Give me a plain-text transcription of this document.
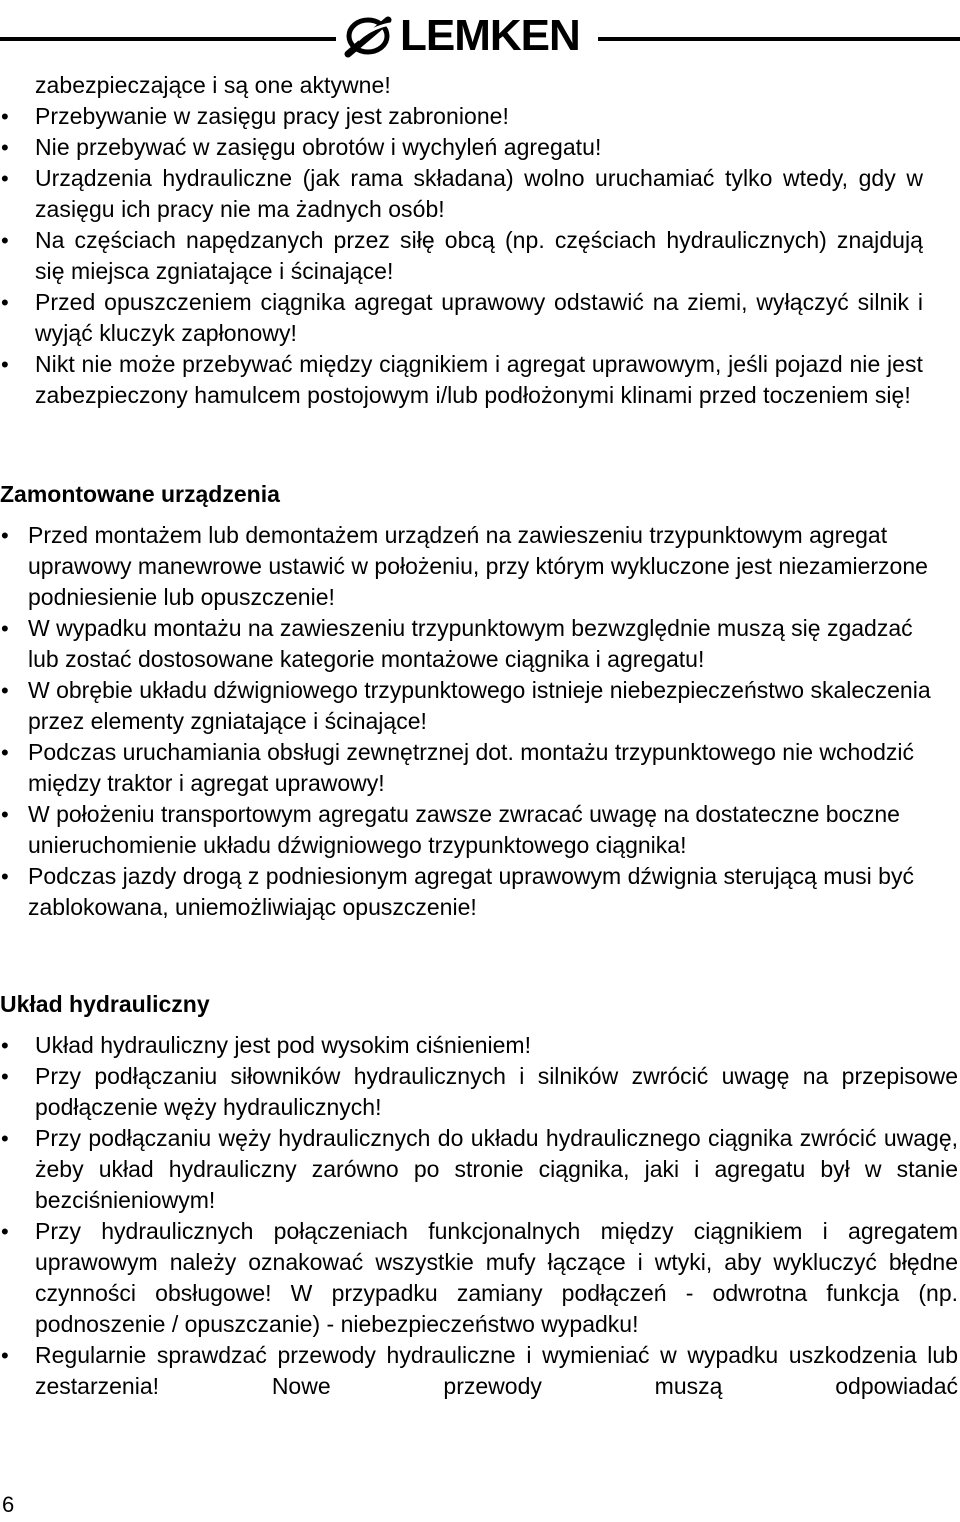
LEMKEN
zabezpieczające i są one aktywne!
•	Przebywanie w zasięgu pracy jest zabronione!
•	Nie przebywać w zasięgu obrotów i wychyleń agregatu!
•	Urządzenia hydrauliczne (jak rama składana) wolno uruchamiać tylko wtedy, gdy w zasięgu ich pracy nie ma żadnych osób!
•	Na częściach napędzanych przez siłę obcą (np. częściach hydraulicznych) znajdują się miejsca zgniatające i ścinające!
•	Przed opuszczeniem ciągnika agregat uprawowy odstawić na ziemi, wyłączyć silnik i wyjąć kluczyk zapłonowy!
•	Nikt nie może przebywać między ciągnikiem i agregat uprawowym, jeśli pojazd nie jest zabezpieczony hamulcem postojowym i/lub podłożonymi klinami przed toczeniem się!
Zamontowane urządzenia
• Przed montażem lub demontażem urządzeń na zawieszeniu trzypunktowym agregat uprawowy manewrowe ustawić w położeniu, przy którym wykluczone jest niezamierzone podniesienie lub opuszczenie!
• W wypadku montażu na zawieszeniu trzypunktowym bezwzględnie muszą się zgadzać lub zostać dostosowane kategorie montażowe ciągnika i agregatu!
• W obrębie układu dźwigniowego trzypunktowego istnieje niebezpieczeństwo skaleczenia przez elementy zgniatające i ścinające!
• Podczas uruchamiania obsługi zewnętrznej dot. montażu trzypunktowego nie wchodzić między traktor i agregat uprawowy!
• W położeniu transportowym agregatu zawsze zwracać uwagę na dostateczne boczne unieruchomienie układu dźwigniowego trzypunktowego ciągnika!
• Podczas jazdy drogą z podniesionym agregat uprawowym dźwignia sterującą musi być zablokowana, uniemożliwiając opuszczenie!
Układ hydrauliczny
•	Układ hydrauliczny jest pod wysokim ciśnieniem!
•	Przy podłączaniu siłowników hydraulicznych i silników zwrócić uwagę na przepisowe podłączenie węży hydraulicznych!
•	Przy podłączaniu węży hydraulicznych do układu hydraulicznego ciągnika zwrócić uwagę, żeby układ hydrauliczny zarówno po stronie ciągnika, jaki i agregatu był w stanie bezciśnieniowym!
•	Przy hydraulicznych połączeniach funkcjonalnych między ciągnikiem i agregatem uprawowym należy oznakować wszystkie mufy łączące i wtyki, aby wykluczyć błędne czynności obsługowe! W przypadku zamiany podłączeń - odwrotna funkcja (np. podnoszenie / opuszczanie) - niebezpieczeństwo wypadku!
•	Regularnie sprawdzać przewody hydrauliczne i wymieniać w wypadku uszkodzenia lub zestarzenia! Nowe przewody muszą odpowiadać
6
